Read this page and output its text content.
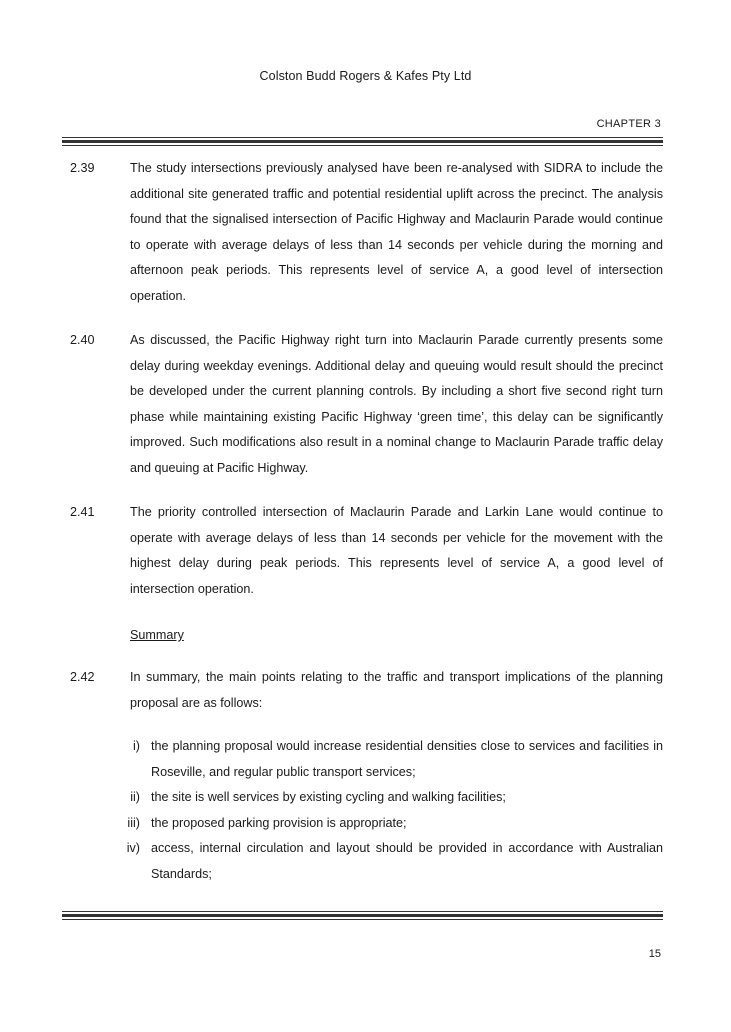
Colston Budd Rogers & Kafes Pty Ltd
CHAPTER 3
2.39	The study intersections previously analysed have been re-analysed with SIDRA to include the additional site generated traffic and potential residential uplift across the precinct. The analysis found that the signalised intersection of Pacific Highway and Maclaurin Parade would continue to operate with average delays of less than 14 seconds per vehicle during the morning and afternoon peak periods. This represents level of service A, a good level of intersection operation.
2.40	As discussed, the Pacific Highway right turn into Maclaurin Parade currently presents some delay during weekday evenings. Additional delay and queuing would result should the precinct be developed under the current planning controls. By including a short five second right turn phase while maintaining existing Pacific Highway ‘green time’, this delay can be significantly improved. Such modifications also result in a nominal change to Maclaurin Parade traffic delay and queuing at Pacific Highway.
2.41	The priority controlled intersection of Maclaurin Parade and Larkin Lane would continue to operate with average delays of less than 14 seconds per vehicle for the movement with the highest delay during peak periods. This represents level of service A, a good level of intersection operation.
Summary
2.42	In summary, the main points relating to the traffic and transport implications of the planning proposal are as follows:
i) the planning proposal would increase residential densities close to services and facilities in Roseville, and regular public transport services;
ii) the site is well services by existing cycling and walking facilities;
iii) the proposed parking provision is appropriate;
iv) access, internal circulation and layout should be provided in accordance with Australian Standards;
15
